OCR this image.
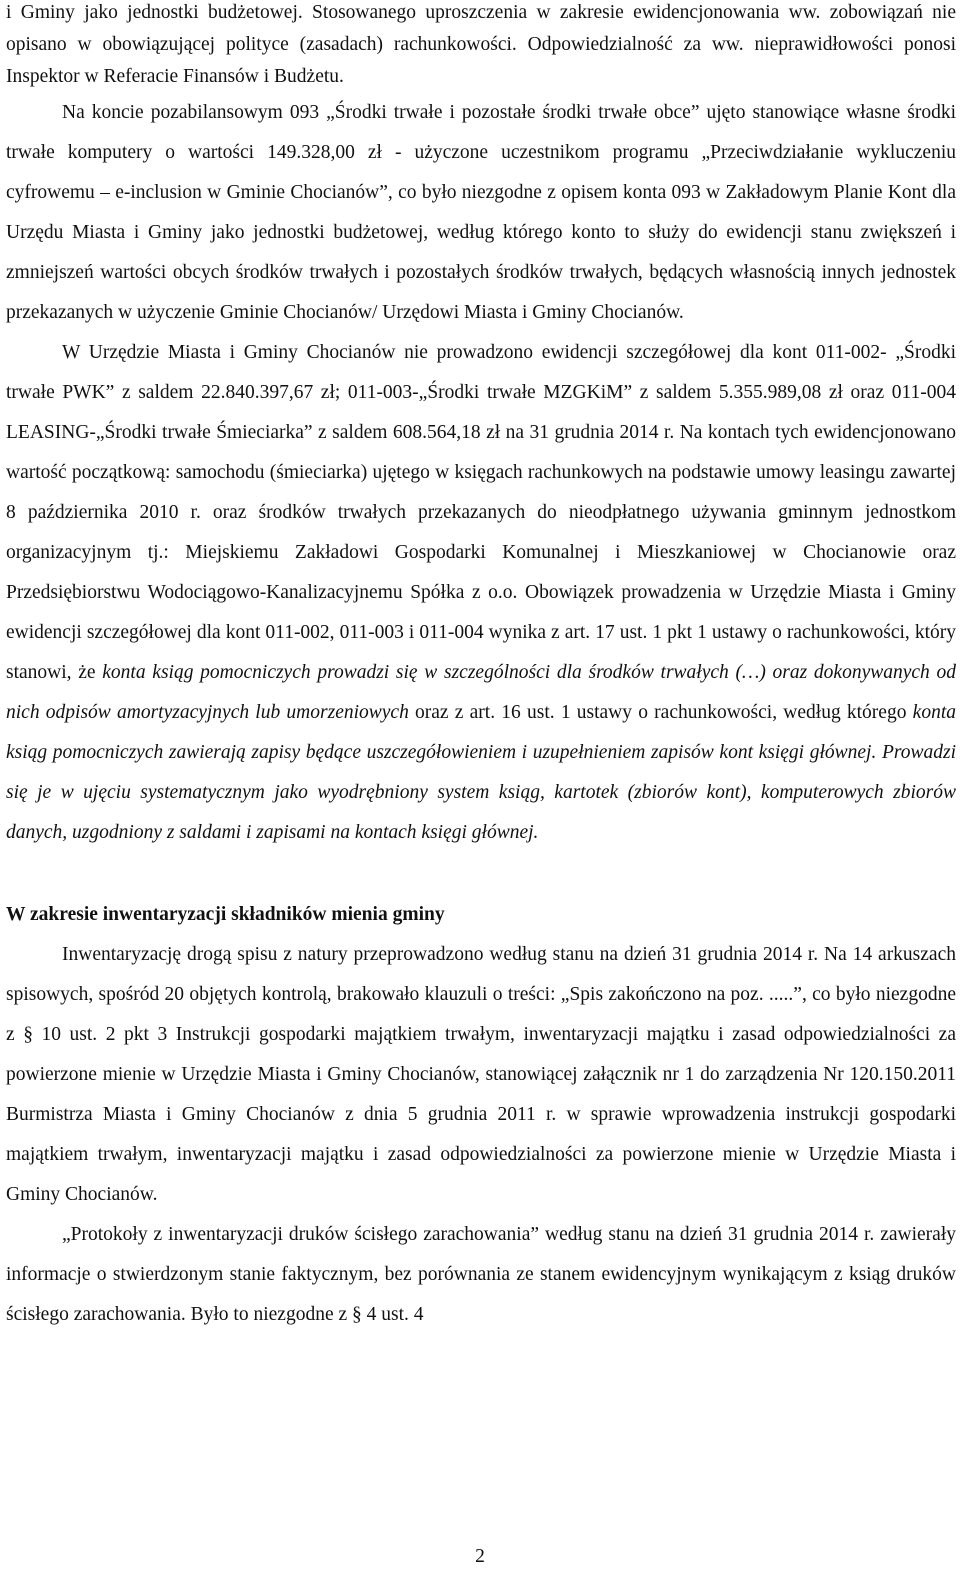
i Gminy jako jednostki budżetowej. Stosowanego uproszczenia w zakresie ewidencjonowania ww. zobowiązań nie opisano w obowiązującej polityce (zasadach) rachunkowości. Odpowiedzialność za ww. nieprawidłowości ponosi Inspektor w Referacie Finansów i Budżetu.

Na koncie pozabilansowym 093 „Środki trwałe i pozostałe środki trwałe obce” ujęto stanowiące własne środki trwałe komputery o wartości 149.328,00 zł - użyczone uczestnikom programu „Przeciwdziałanie wykluczeniu cyfrowemu – e-inclusion w Gminie Chocianów”, co było niezgodne z opisem konta 093 w Zakładowym Planie Kont dla Urzędu Miasta i Gminy jako jednostki budżetowej, według którego konto to służy do ewidencji stanu zwiększeń i zmniejszeń wartości obcych środków trwałych i pozostałych środków trwałych, będących własnością innych jednostek przekazanych w użyczenie Gminie Chocianów/ Urzędowi Miasta i Gminy Chocianów.

W Urzędzie Miasta i Gminy Chocianów nie prowadzono ewidencji szczegółowej dla kont 011-002- „Środki trwałe PWK” z saldem 22.840.397,67 zł; 011-003-„Środki trwałe MZGKiM” z saldem 5.355.989,08 zł oraz 011-004 LEASING-„Środki trwałe Śmieciarka” z saldem 608.564,18 zł na 31 grudnia 2014 r. Na kontach tych ewidencjonowano wartość początkową: samochodu (śmieciarka) ujętego w księgach rachunkowych na podstawie umowy leasingu zawartej 8 października 2010 r. oraz środków trwałych przekazanych do nieodpłatnego używania gminnym jednostkom organizacyjnym tj.: Miejskiemu Zakładowi Gospodarki Komunalnej i Mieszkaniowej w Chocianowie oraz Przedsiębiorstwu Wodociągowo-Kanalizacyjnemu Spółka z o.o. Obowiązek prowadzenia w Urzędzie Miasta i Gminy ewidencji szczegółowej dla kont 011-002, 011-003 i 011-004 wynika z art. 17 ust. 1 pkt 1 ustawy o rachunkowości, który stanowi, że konta ksiąg pomocniczych prowadzi się w szczególności dla środków trwałych (…) oraz dokonywanych od nich odpisów amortyzacyjnych lub umorzeniowych oraz z art. 16 ust. 1 ustawy o rachunkowości, według którego konta ksiąg pomocniczych zawierają zapisy będące uszczegółowieniem i uzupełnieniem zapisów kont księgi głównej. Prowadzi się je w ujęciu systematycznym jako wyodrębniony system ksiąg, kartotek (zbiorów kont), komputerowych zbiorów danych, uzgodniony z saldami i zapisami na kontach księgi głównej.

W zakresie inwentaryzacji składników mienia gminy

Inwentaryzację drogą spisu z natury przeprowadzono według stanu na dzień 31 grudnia 2014 r. Na 14 arkuszach spisowych, spośród 20 objętych kontrolą, brakowało klauzuli o treści: „Spis zakończono na poz. .....”, co było niezgodne z § 10 ust. 2 pkt 3 Instrukcji gospodarki majątkiem trwałym, inwentaryzacji majątku i zasad odpowiedzialności za powierzone mienie w Urzędzie Miasta i Gminy Chocianów, stanowiącej załącznik nr 1 do zarządzenia Nr 120.150.2011 Burmistrza Miasta i Gminy Chocianów z dnia 5 grudnia 2011 r. w sprawie wprowadzenia instrukcji gospodarki majątkiem trwałym, inwentaryzacji majątku i zasad odpowiedzialności za powierzone mienie w Urzędzie Miasta i Gminy Chocianów.

„Protokoły z inwentaryzacji druków ścisłego zarachowania” według stanu na dzień 31 grudnia 2014 r. zawierały informacje o stwierdzonym stanie faktycznym, bez porównania ze stanem ewidencyjnym wynikającym z ksiąg druków ścisłego zarachowania. Było to niezgodne z § 4 ust. 4

2
